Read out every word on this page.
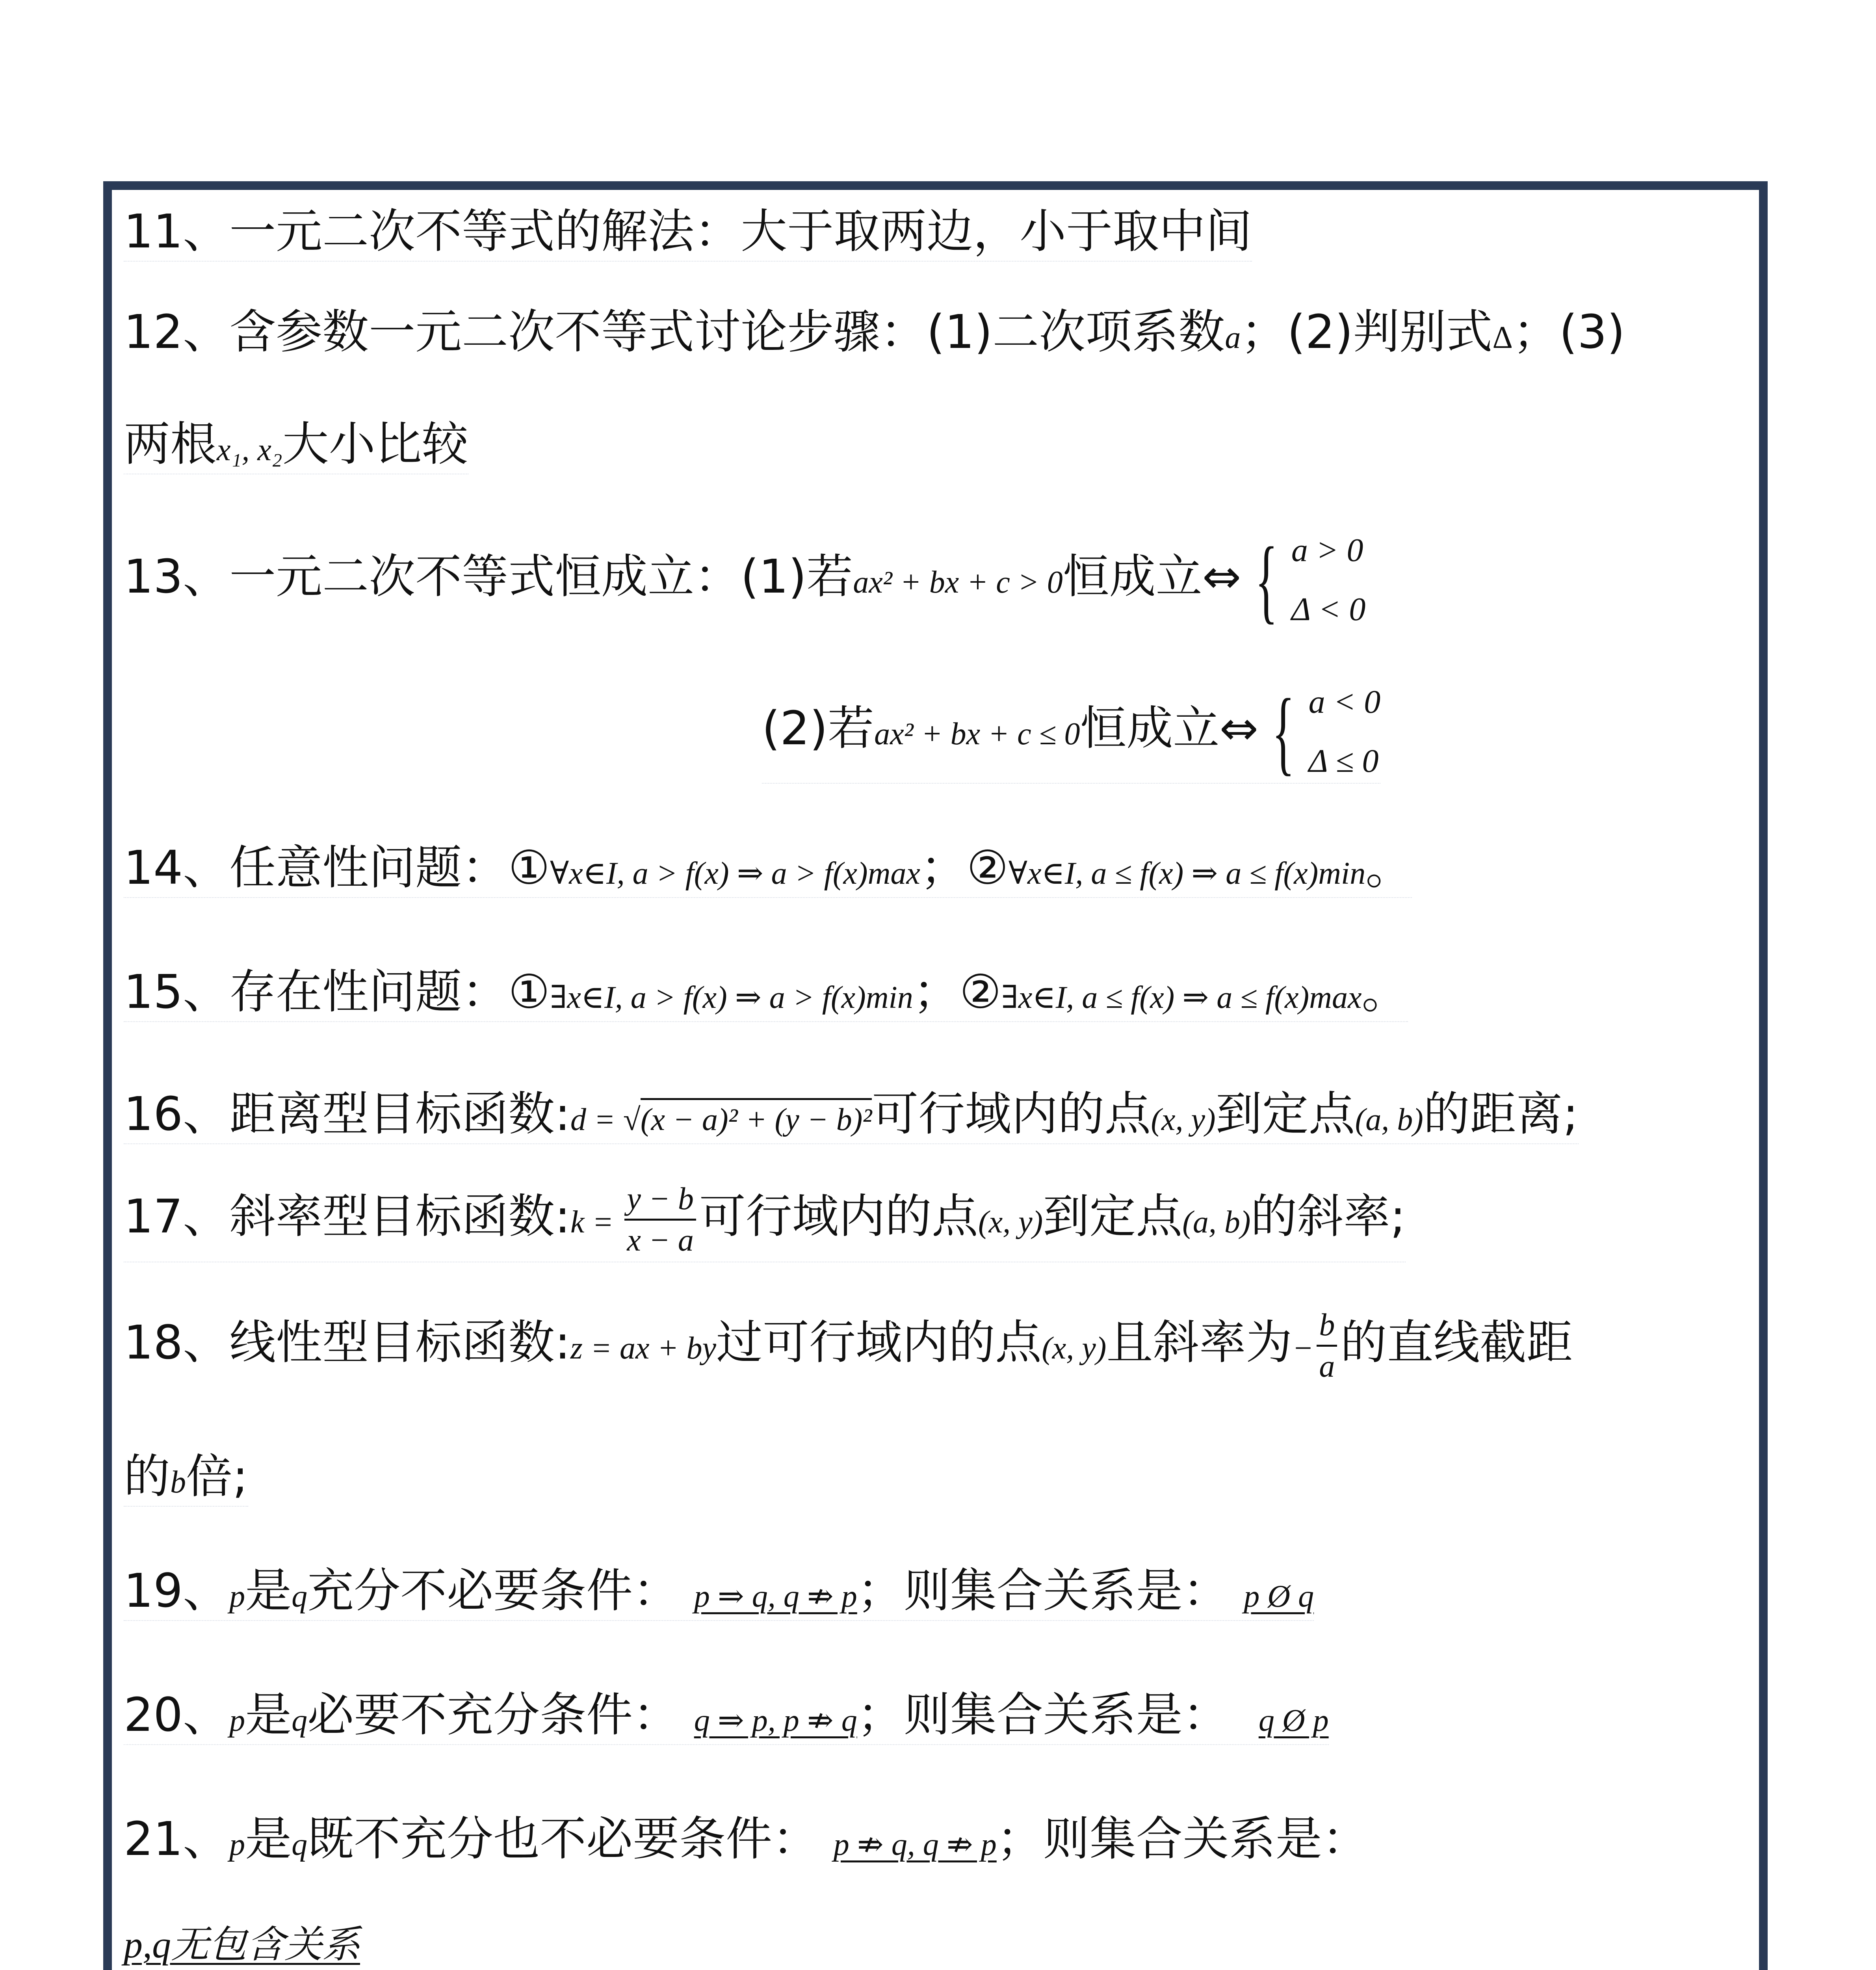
11、一元二次不等式的解法：大于取两边，小于取中间
12、含参数一元二次不等式讨论步骤：(1)二次项系数a；(2)判别式Δ；(3)
两根x₁, x₂大小比较
13、一元二次不等式恒成立：(1)若ax² + bx + c > 0恒成立⇔ { a > 0
Δ < 0
(2)若ax² + bx + c ≤ 0恒成立⇔ { a < 0
Δ ≤ 0
14、任意性问题：①∀x∈I, a > f(x) ⇒ a > f(x)max；②∀x∈I, a ≤ f(x) ⇒ a ≤ f(x)min。
15、存在性问题：①∃x∈I, a > f(x) ⇒ a > f(x)min；②∃x∈I, a ≤ f(x) ⇒ a ≤ f(x)max。
16、距离型目标函数:d = √(x − a)² + (y − b)²可行域内的点(x, y)到定点(a, b)的距离;
17、斜率型目标函数:k = $\frac{y - b}{x - a}$ 可行域内的点(x, y)到定点(a, b)的斜率;
18、线性型目标函数:z = ax + by过可行域内的点(x, y)且斜率为− $\frac{b}{a}$ 的直线截距
的b倍;
19、p是q充分不必要条件： p ⇒ q, q ⇏ p；则集合关系是： p Ø q
20、p是q必要不充分条件： q ⇒ p, p ⇏ q；则集合关系是： q Ø p
21、p是q既不充分也不必要条件： p ⇏ q, q ⇏ p；则集合关系是：
p,q无包含关系
